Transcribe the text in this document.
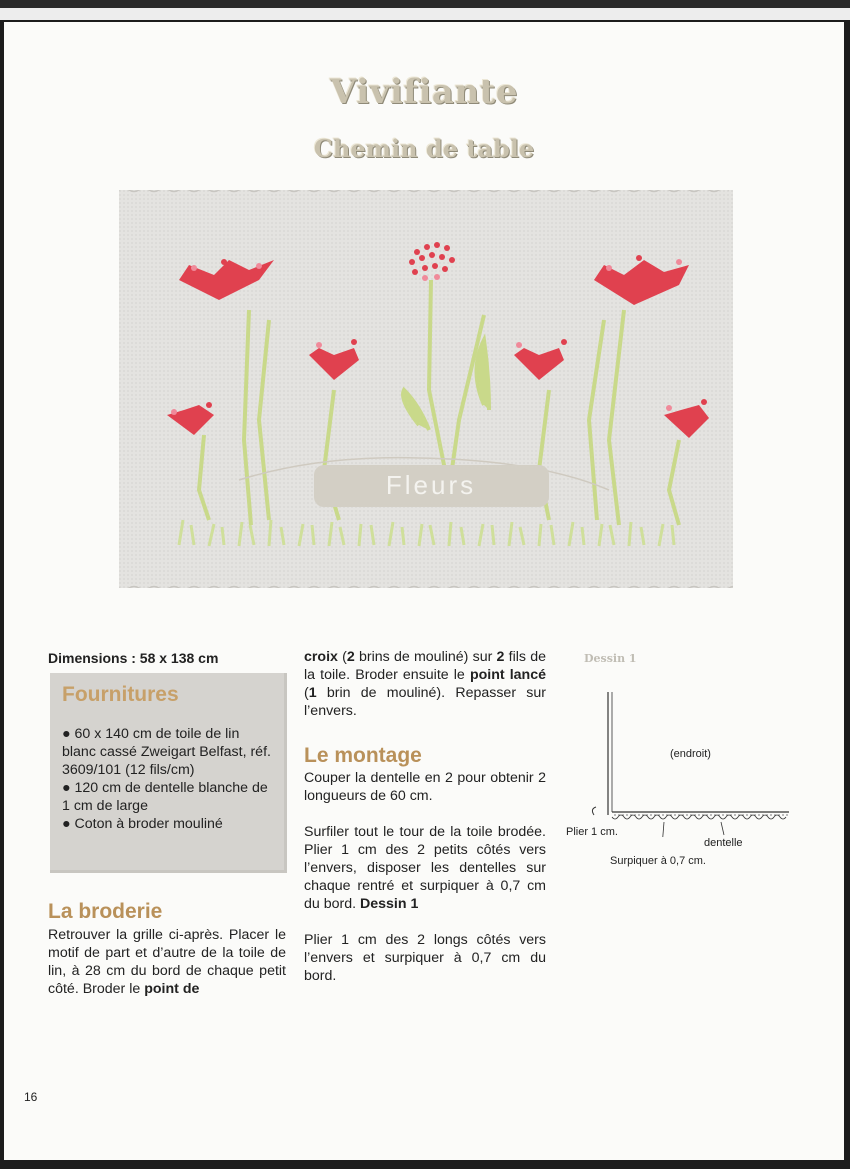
Vivifiante
Chemin de table
Fleurs
Dimensions : 58 x 138 cm
Fournitures

● 60 x 140 cm de toile de lin blanc cassé Zweigart Belfast, réf. 3609/101 (12 fils/cm)

● 120 cm de dentelle blanche de 1 cm de large

● Coton à broder mouliné

La broderie

Retrouver la grille ci-après. Placer le motif de part et d’autre de la toile de lin, à 28 cm du bord de chaque petit côté. Broder le point de

croix (2 brins de mouliné) sur 2 fils de la toile. Broder ensuite le point lancé (1 brin de mouliné). Repasser sur l’envers.

Le montage

Couper la dentelle en 2 pour obtenir 2 longueurs de 60 cm.

Surfiler tout le tour de la toile brodée. Plier 1 cm des 2 petits côtés vers l’envers, disposer les dentelles sur chaque rentré et surpiquer à 0,7 cm du bord. Dessin 1

Plier 1 cm des 2 longs côtés vers l’envers et surpiquer à 0,7 cm du bord.

Dessin 1
(endroit)
Plier 1 cm.
dentelle
Surpiquer à 0,7 cm.
16
